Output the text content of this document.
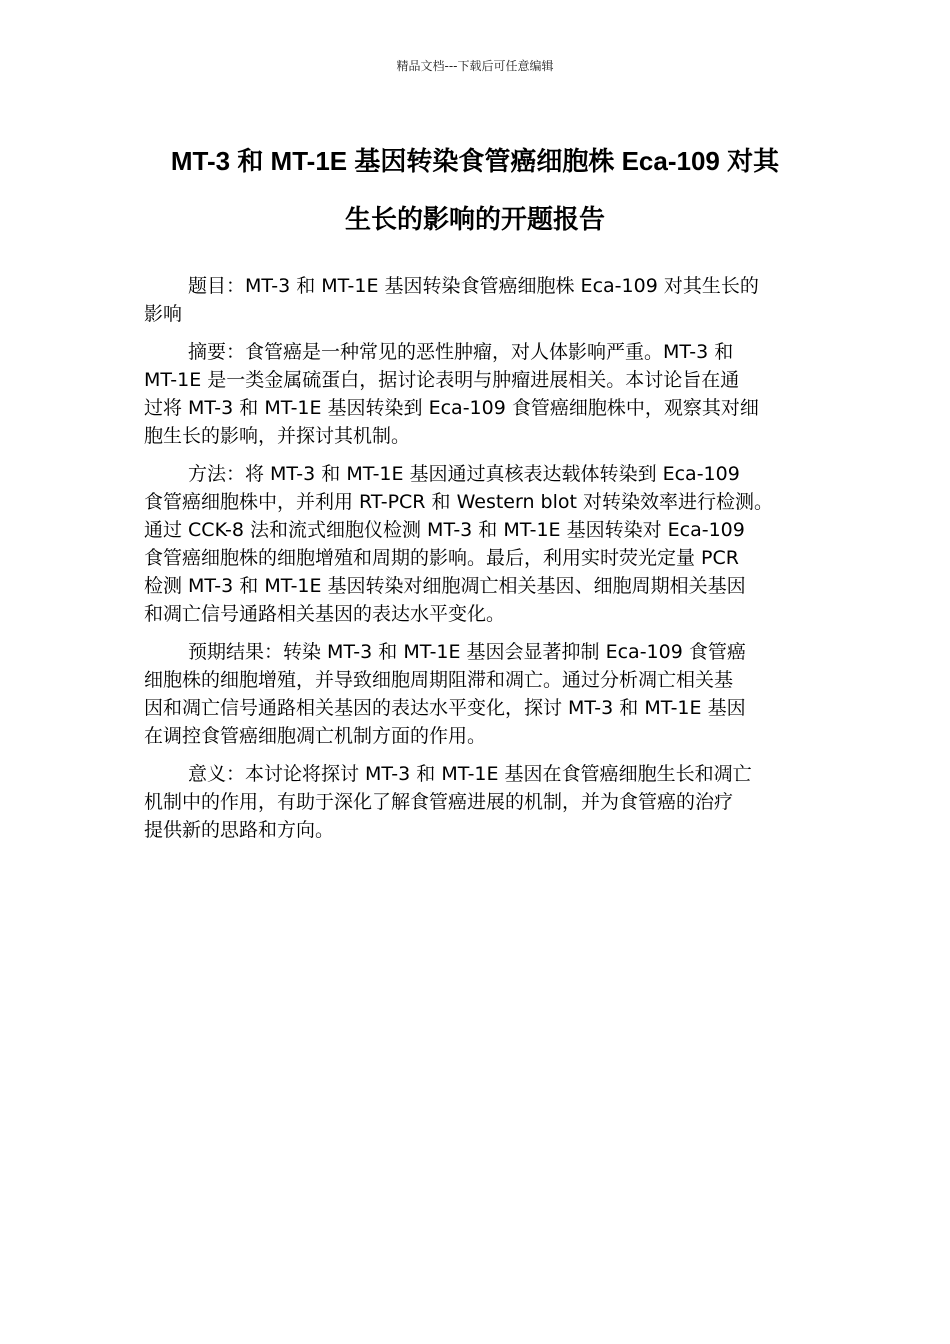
精品文档---下载后可任意编辑
MT-3 和 MT-1E 基因转染食管癌细胞株 Eca-109 对其
生长的影响的开题报告

题目：MT-3 和 MT-1E 基因转染食管癌细胞株 Eca-109 对其生长的
影响

摘要：食管癌是一种常见的恶性肿瘤，对人体影响严重。MT-3 和
MT-1E 是一类金属硫蛋白，据讨论表明与肿瘤进展相关。本讨论旨在通
过将 MT-3 和 MT-1E 基因转染到 Eca-109 食管癌细胞株中，观察其对细
胞生长的影响，并探讨其机制。

方法：将 MT-3 和 MT-1E 基因通过真核表达载体转染到 Eca-109
食管癌细胞株中，并利用 RT-PCR 和 Western blot 对转染效率进行检测。
通过 CCK-8 法和流式细胞仪检测 MT-3 和 MT-1E 基因转染对 Eca-109
食管癌细胞株的细胞增殖和周期的影响。最后，利用实时荧光定量 PCR
检测 MT-3 和 MT-1E 基因转染对细胞凋亡相关基因、细胞周期相关基因
和凋亡信号通路相关基因的表达水平变化。

预期结果：转染 MT-3 和 MT-1E 基因会显著抑制 Eca-109 食管癌
细胞株的细胞增殖，并导致细胞周期阻滞和凋亡。通过分析凋亡相关基
因和凋亡信号通路相关基因的表达水平变化，探讨 MT-3 和 MT-1E 基因
在调控食管癌细胞凋亡机制方面的作用。

意义：本讨论将探讨 MT-3 和 MT-1E 基因在食管癌细胞生长和凋亡
机制中的作用，有助于深化了解食管癌进展的机制，并为食管癌的治疗
提供新的思路和方向。
